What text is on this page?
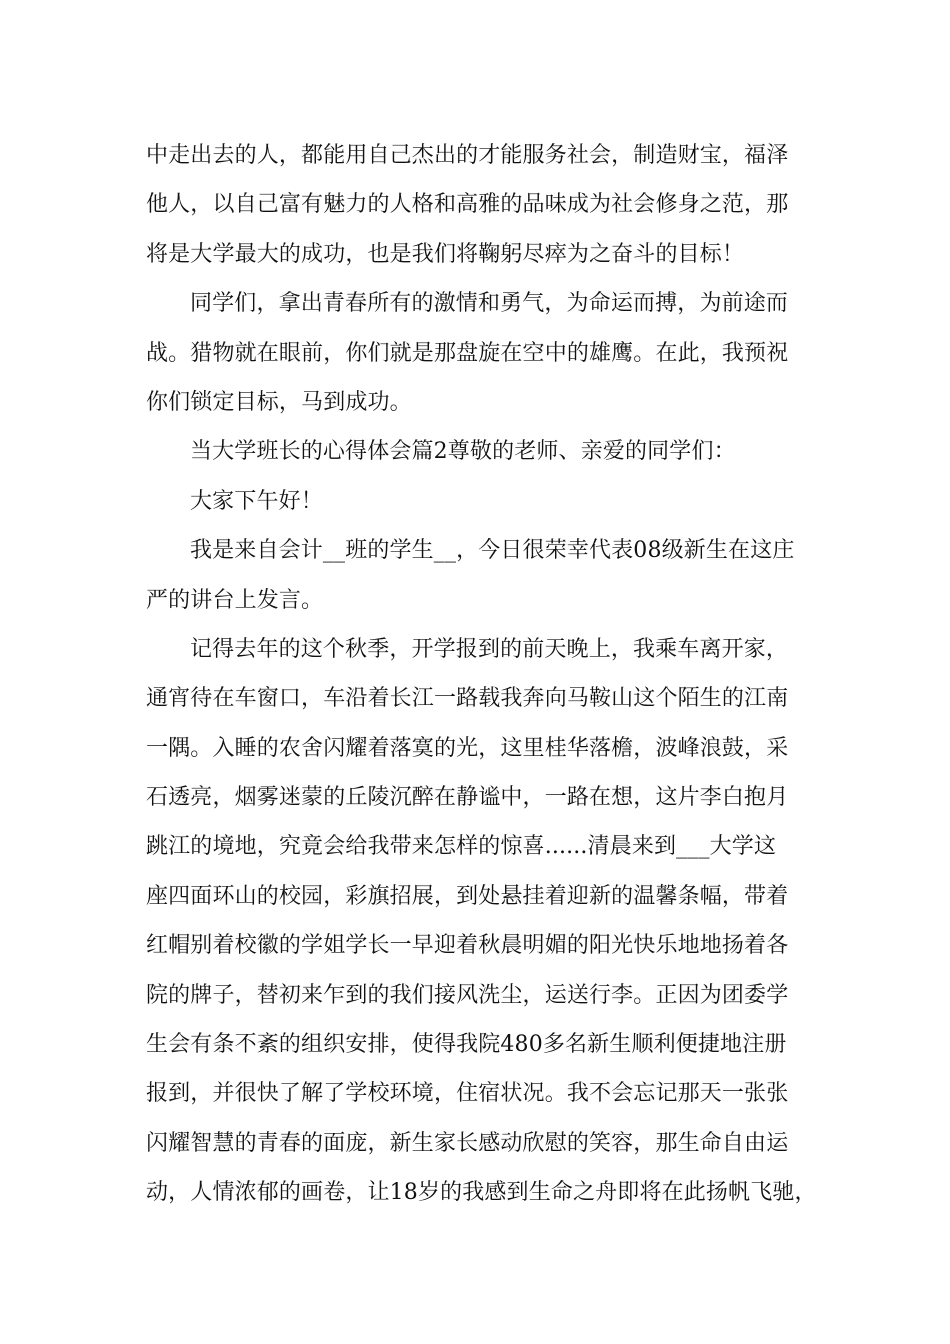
中走出去的人，都能用自己杰出的才能服务社会，制造财宝，福泽
他人，以自己富有魅力的人格和高雅的品味成为社会修身之范，那
将是大学最大的成功，也是我们将鞠躬尽瘁为之奋斗的目标！
同学们，拿出青春所有的激情和勇气，为命运而搏，为前途而
战。猎物就在眼前，你们就是那盘旋在空中的雄鹰。在此，我预祝
你们锁定目标，马到成功。
当大学班长的心得体会篇2尊敬的老师、亲爱的同学们：
大家下午好！
我是来自会计__班的学生__，今日很荣幸代表08级新生在这庄
严的讲台上发言。
记得去年的这个秋季，开学报到的前天晚上，我乘车离开家，
通宵待在车窗口，车沿着长江一路载我奔向马鞍山这个陌生的江南
一隅。入睡的农舍闪耀着落寞的光，这里桂华落檐，波峰浪鼓，采
石透亮，烟雾迷蒙的丘陵沉醉在静谧中，一路在想，这片李白抱月
跳江的境地，究竟会给我带来怎样的惊喜......清晨来到___大学这
座四面环山的校园，彩旗招展，到处悬挂着迎新的温馨条幅，带着
红帽别着校徽的学姐学长一早迎着秋晨明媚的阳光快乐地地扬着各
院的牌子，替初来乍到的我们接风洗尘，运送行李。正因为团委学
生会有条不紊的组织安排，使得我院480多名新生顺利便捷地注册
报到，并很快了解了学校环境，住宿状况。我不会忘记那天一张张
闪耀智慧的青春的面庞，新生家长感动欣慰的笑容，那生命自由运
动，人情浓郁的画卷，让18岁的我感到生命之舟即将在此扬帆飞驰，
